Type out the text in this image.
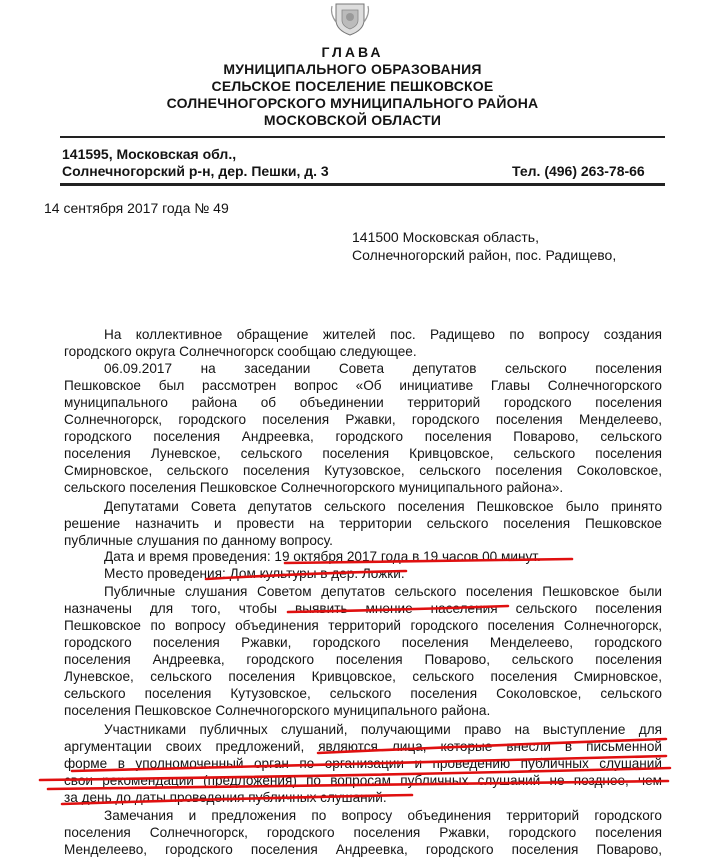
ГЛАВА
МУНИЦИПАЛЬНОГО ОБРАЗОВАНИЯ
СЕЛЬСКОЕ ПОСЕЛЕНИЕ ПЕШКОВСКОЕ
СОЛНЕЧНОГОРСКОГО МУНИЦИПАЛЬНОГО РАЙОНА
МОСКОВСКОЙ ОБЛАСТИ
141595, Московская обл.,
Солнечногорский р-н, дер. Пешки, д. 3	Тел. (496) 263-78-66
14 сентября 2017 года № 49
141500 Московская область,
Солнечногорский район, пос. Радищево,
На коллективное обращение жителей пос. Радищево по вопросу создания
городского округа Солнечногорск сообщаю следующее.
06.09.2017 на заседании Совета депутатов сельского поселения
Пешковское был рассмотрен вопрос «Об инициативе Главы Солнечногорского
муниципального района об объединении территорий городского поселения
Солнечногорск, городского поселения Ржавки, городского поселения Менделеево,
городского поселения Андреевка, городского поселения Поварово, сельского
поселения Луневское, сельского поселения Кривцовское, сельского поселения
Смирновское, сельского поселения Кутузовское, сельского поселения Соколовское,
сельского поселения Пешковское Солнечногорского муниципального района».
Депутатами Совета депутатов сельского поселения Пешковское было принято
решение назначить и провести на территории сельского поселения Пешковское
публичные слушания по данному вопросу.
Дата и время проведения: 19 октября 2017 года в 19 часов 00 минут.
Место проведения: Дом культуры в дер. Ложки.
Публичные слушания Советом депутатов сельского поселения Пешковское были
назначены для того, чтобы выявить мнение населения сельского поселения
Пешковское по вопросу объединения территорий городского поселения Солнечногорск,
городского поселения Ржавки, городского поселения Менделеево, городского
поселения Андреевка, городского поселения Поварово, сельского поселения
Луневское, сельского поселения Кривцовское, сельского поселения Смирновское,
сельского поселения Кутузовское, сельского поселения Соколовское, сельского
поселения Пешковское Солнечногорского муниципального района.
Участниками публичных слушаний, получающими право на выступление для
аргументации своих предложений, являются лица, которые внесли в письменной
форме в уполномоченный орган по организации и проведению публичных слушаний
свои рекомендации (предложения) по вопросам публичных слушаний не позднее, чем
за день до даты проведения публичных слушаний.
Замечания и предложения по вопросу объединения территорий городского
поселения Солнечногорск, городского поселения Ржавки, городского поселения
Менделеево, городского поселения Андреевка, городского поселения Поварово,
